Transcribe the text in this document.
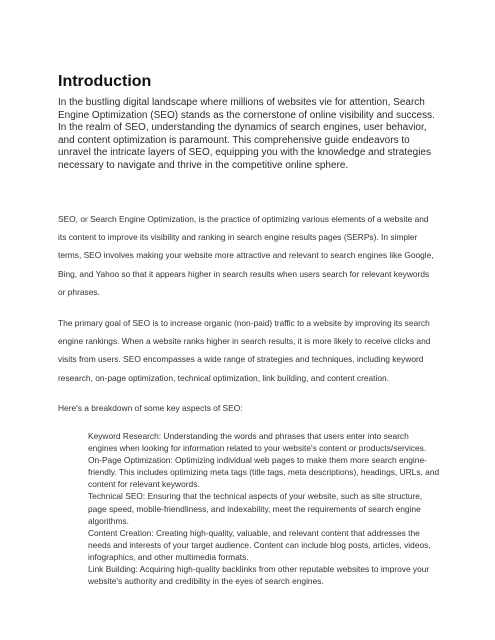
Introduction

In the bustling digital landscape where millions of websites vie for attention, Search Engine Optimization (SEO) stands as the cornerstone of online visibility and success. In the realm of SEO, understanding the dynamics of search engines, user behavior, and content optimization is paramount. This comprehensive guide endeavors to unravel the intricate layers of SEO, equipping you with the knowledge and strategies necessary to navigate and thrive in the competitive online sphere.

SEO, or Search Engine Optimization, is the practice of optimizing various elements of a website and its content to improve its visibility and ranking in search engine results pages (SERPs). In simpler terms, SEO involves making your website more attractive and relevant to search engines like Google, Bing, and Yahoo so that it appears higher in search results when users search for relevant keywords or phrases.

The primary goal of SEO is to increase organic (non-paid) traffic to a website by improving its search engine rankings. When a website ranks higher in search results, it is more likely to receive clicks and visits from users. SEO encompasses a wide range of strategies and techniques, including keyword research, on-page optimization, technical optimization, link building, and content creation.

Here's a breakdown of some key aspects of SEO:

Keyword Research: Understanding the words and phrases that users enter into search engines when looking for information related to your website's content or products/services.
On-Page Optimization: Optimizing individual web pages to make them more search engine-friendly. This includes optimizing meta tags (title tags, meta descriptions), headings, URLs, and content for relevant keywords.
Technical SEO: Ensuring that the technical aspects of your website, such as site structure, page speed, mobile-friendliness, and indexability, meet the requirements of search engine algorithms.
Content Creation: Creating high-quality, valuable, and relevant content that addresses the needs and interests of your target audience. Content can include blog posts, articles, videos, infographics, and other multimedia formats.
Link Building: Acquiring high-quality backlinks from other reputable websites to improve your website's authority and credibility in the eyes of search engines.
